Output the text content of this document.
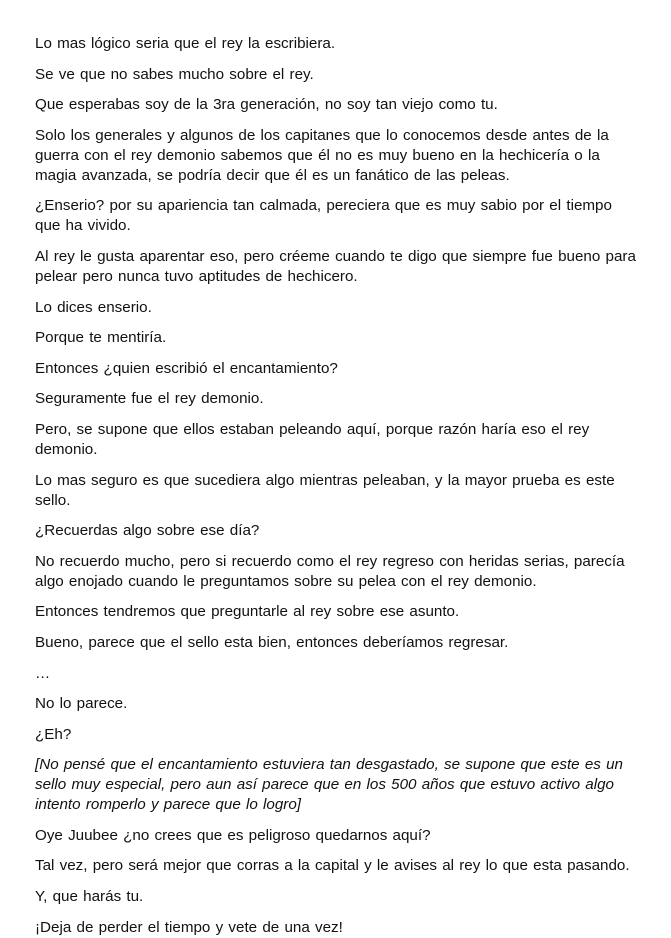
Lo mas lógico seria que el rey la escribiera.

Se ve que no sabes mucho sobre el rey.

Que esperabas soy de la 3ra generación, no soy tan viejo como tu.

Solo los generales y algunos de los capitanes que lo conocemos desde antes de la guerra con el rey demonio sabemos que él no es muy bueno en la hechicería o la magia avanzada, se podría decir que él es un fanático de las peleas.

¿Enserio? por su apariencia tan calmada, pereciera que es muy sabio por el tiempo que ha vivido.

Al rey le gusta aparentar eso, pero créeme cuando te digo que siempre fue bueno para pelear pero nunca tuvo aptitudes de hechicero.

Lo dices enserio.

Porque te mentiría.

Entonces ¿quien escribió el encantamiento?

Seguramente fue el rey demonio.

Pero, se supone que ellos estaban peleando aquí, porque razón haría eso el rey demonio.

Lo mas seguro es que sucediera algo mientras peleaban, y la mayor prueba es este sello.

¿Recuerdas algo sobre ese día?

No recuerdo mucho, pero si recuerdo como el rey regreso con heridas serias, parecía algo enojado cuando le preguntamos sobre su pelea con el rey demonio.

Entonces tendremos que preguntarle al rey sobre ese asunto.

Bueno, parece que el sello esta bien, entonces deberíamos regresar.

…

No lo parece.

¿Eh?

[No pensé que el encantamiento estuviera tan desgastado, se supone que este es un sello muy especial, pero aun así parece que en los 500 años que estuvo activo algo intento romperlo y parece que lo logro]

Oye Juubee ¿no crees que es peligroso quedarnos aquí?

Tal vez, pero será mejor que corras a la capital y le avises al rey lo que esta pasando.

Y, que harás tu.

¡Deja de perder el tiempo y vete de una vez!
